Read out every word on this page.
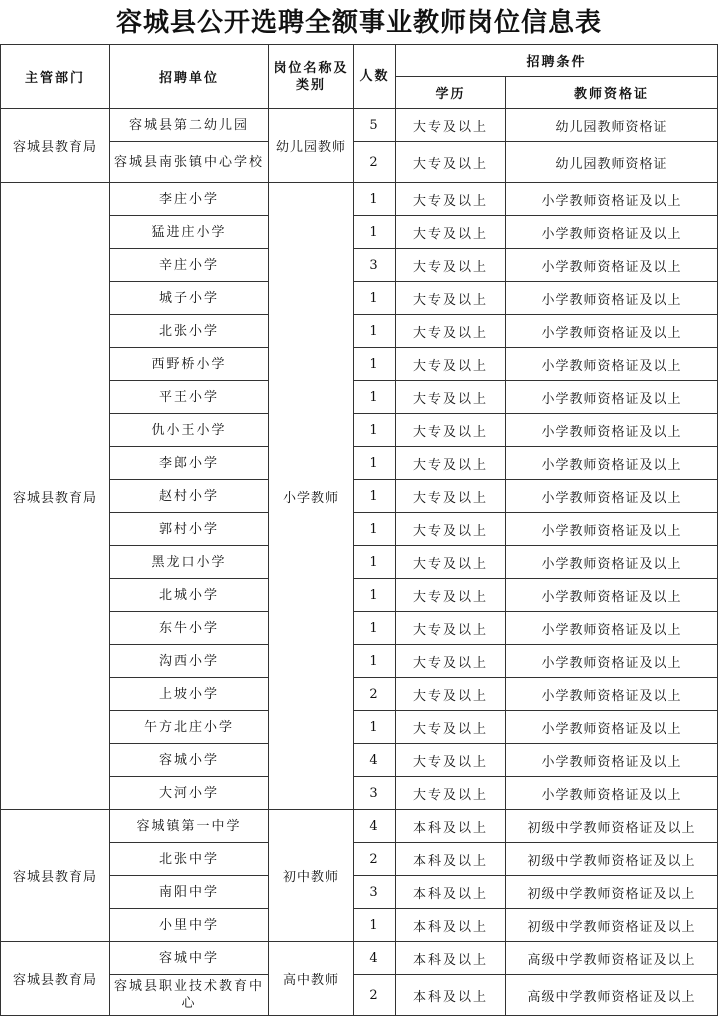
容城县公开选聘全额事业教师岗位信息表
主管部门	招聘单位	岗位名称及类别	人数	招聘条件	
				学历	教师资格证
容城县教育局	容城县第二幼儿园	幼儿园教师	5	大专及以上	幼儿园教师资格证
	容城县南张镇中心学校		2	大专及以上	幼儿园教师资格证
容城县教育局	李庄小学	小学教师	1	大专及以上	小学教师资格证及以上
	猛进庄小学		1	大专及以上	小学教师资格证及以上
	辛庄小学		3	大专及以上	小学教师资格证及以上
	城子小学		1	大专及以上	小学教师资格证及以上
	北张小学		1	大专及以上	小学教师资格证及以上
	西野桥小学		1	大专及以上	小学教师资格证及以上
	平王小学		1	大专及以上	小学教师资格证及以上
	仇小王小学		1	大专及以上	小学教师资格证及以上
	李郎小学		1	大专及以上	小学教师资格证及以上
	赵村小学		1	大专及以上	小学教师资格证及以上
	郭村小学		1	大专及以上	小学教师资格证及以上
	黑龙口小学		1	大专及以上	小学教师资格证及以上
	北城小学		1	大专及以上	小学教师资格证及以上
	东牛小学		1	大专及以上	小学教师资格证及以上
	沟西小学		1	大专及以上	小学教师资格证及以上
	上坡小学		2	大专及以上	小学教师资格证及以上
	午方北庄小学		1	大专及以上	小学教师资格证及以上
	容城小学		4	大专及以上	小学教师资格证及以上
	大河小学		3	大专及以上	小学教师资格证及以上
容城县教育局	容城镇第一中学	初中教师	4	本科及以上	初级中学教师资格证及以上
	北张中学		2	本科及以上	初级中学教师资格证及以上
	南阳中学		3	本科及以上	初级中学教师资格证及以上
	小里中学		1	本科及以上	初级中学教师资格证及以上
容城县教育局	容城中学	高中教师	4	本科及以上	高级中学教师资格证及以上
	容城县职业技术教育中心		2	本科及以上	高级中学教师资格证及以上
